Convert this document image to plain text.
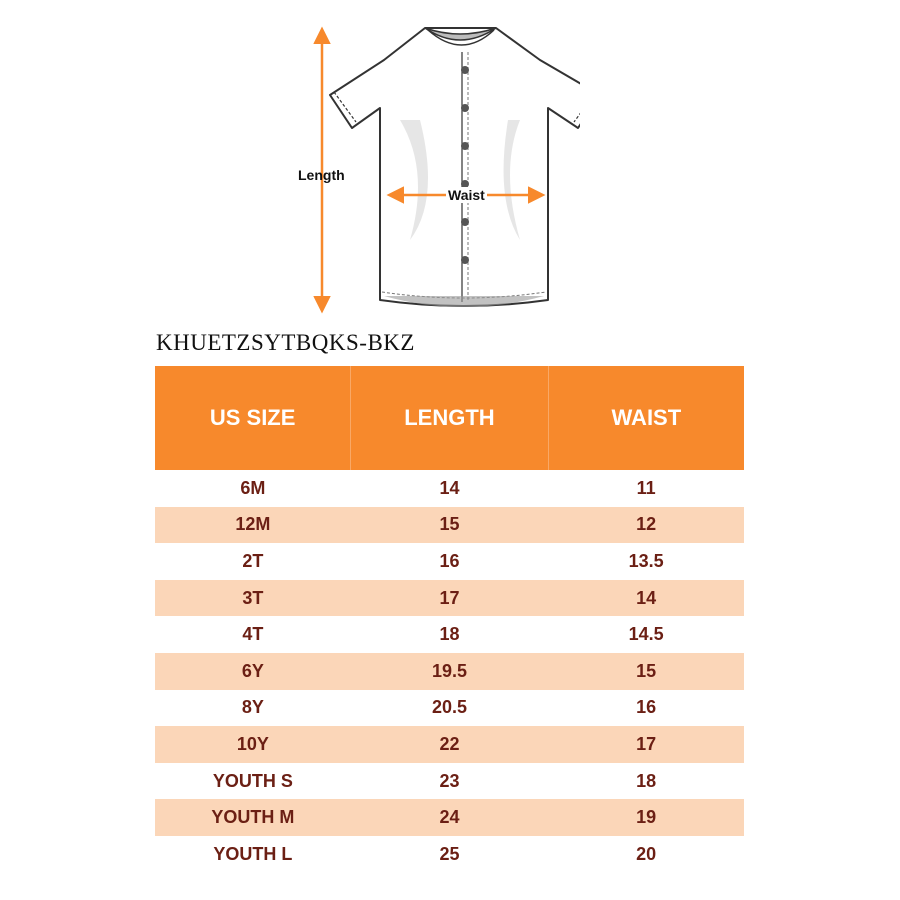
Length
Waist
KHUETZSYTBQKS-BKZ
US SIZE	LENGTH	WAIST
6M	14	11
12M	15	12
2T	16	13.5
3T	17	14
4T	18	14.5
6Y	19.5	15
8Y	20.5	16
10Y	22	17
YOUTH S	23	18
YOUTH M	24	19
YOUTH L	25	20
